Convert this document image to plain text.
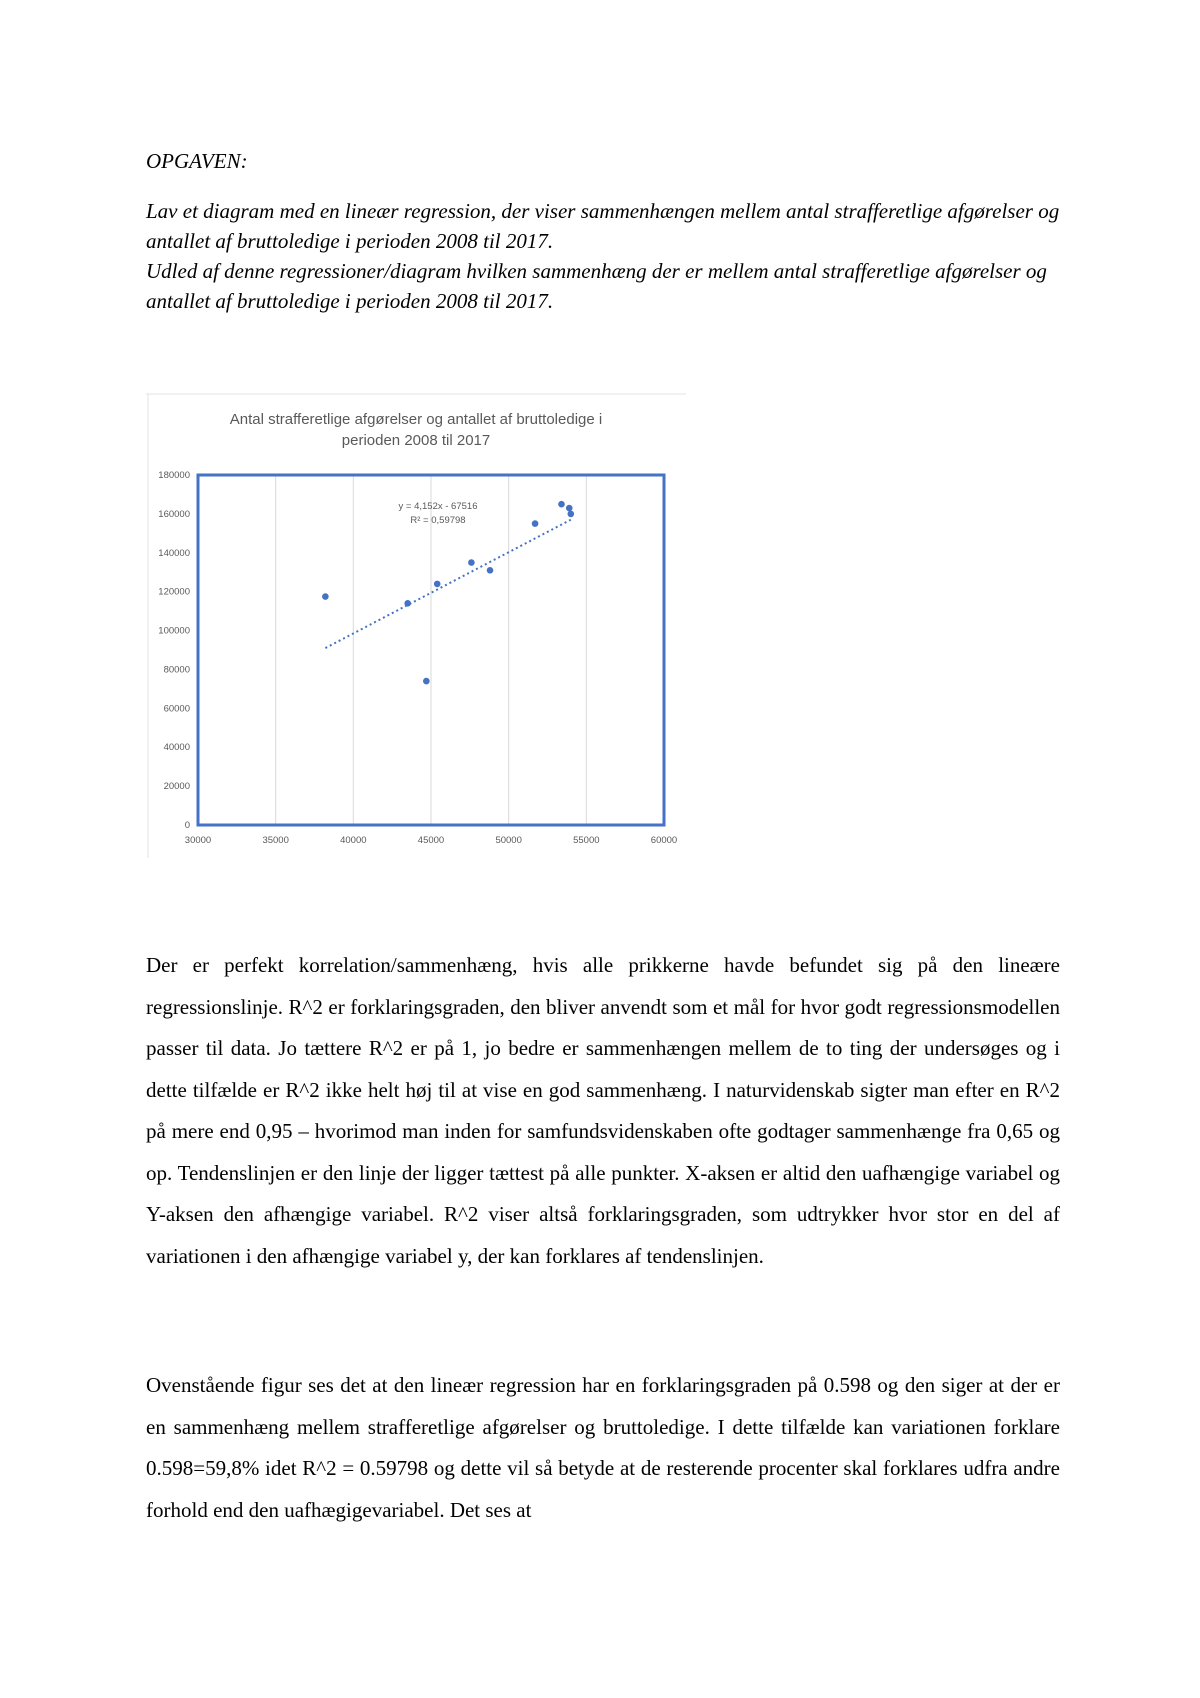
OPGAVEN:

Lav et diagram med en lineær regression, der viser sammenhængen mellem antal strafferetlige afgørelser og antallet af bruttoledige i perioden 2008 til 2017.

Udled af denne regressioner/diagram hvilken sammenhæng der er mellem antal strafferetlige afgørelser og antallet af bruttoledige i perioden 2008 til 2017.

Antal strafferetlige afgørelser og antallet af bruttoledige i perioden 2008 til 2017
0
20000
40000
60000
80000
100000
120000
140000
160000
180000
30000	35000	40000	45000	50000	55000	60000
y = 4,152x - 67516
R² = 0,59798

Der er perfekt korrelation/sammenhæng, hvis alle prikkerne havde befundet sig på den lineære regressionslinje. R^2 er forklaringsgraden, den bliver anvendt som et mål for hvor godt regressionsmodellen passer til data. Jo tættere R^2 er på 1, jo bedre er sammenhængen mellem de to ting der undersøges og i dette tilfælde er R^2 ikke helt høj til at vise en god sammenhæng. I naturvidenskab sigter man efter en R^2 på mere end 0,95 – hvorimod man inden for samfundsvidenskaben ofte godtager sammenhænge fra 0,65 og op. Tendenslinjen er den linje der ligger tættest på alle punkter. X-aksen er altid den uafhængige variabel og Y-aksen den afhængige variabel. R^2 viser altså forklaringsgraden, som udtrykker hvor stor en del af variationen i den afhængige variabel y, der kan forklares af tendenslinjen.

Ovenstående figur ses det at den lineær regression har en forklaringsgraden på 0.598 og den siger at der er en sammenhæng mellem strafferetlige afgørelser og bruttoledige. I dette tilfælde kan variationen forklare 0.598=59,8% idet R^2 = 0.59798 og dette vil så betyde at de resterende procenter skal forklares udfra andre forhold end den uafhægigevariabel. Det ses at
